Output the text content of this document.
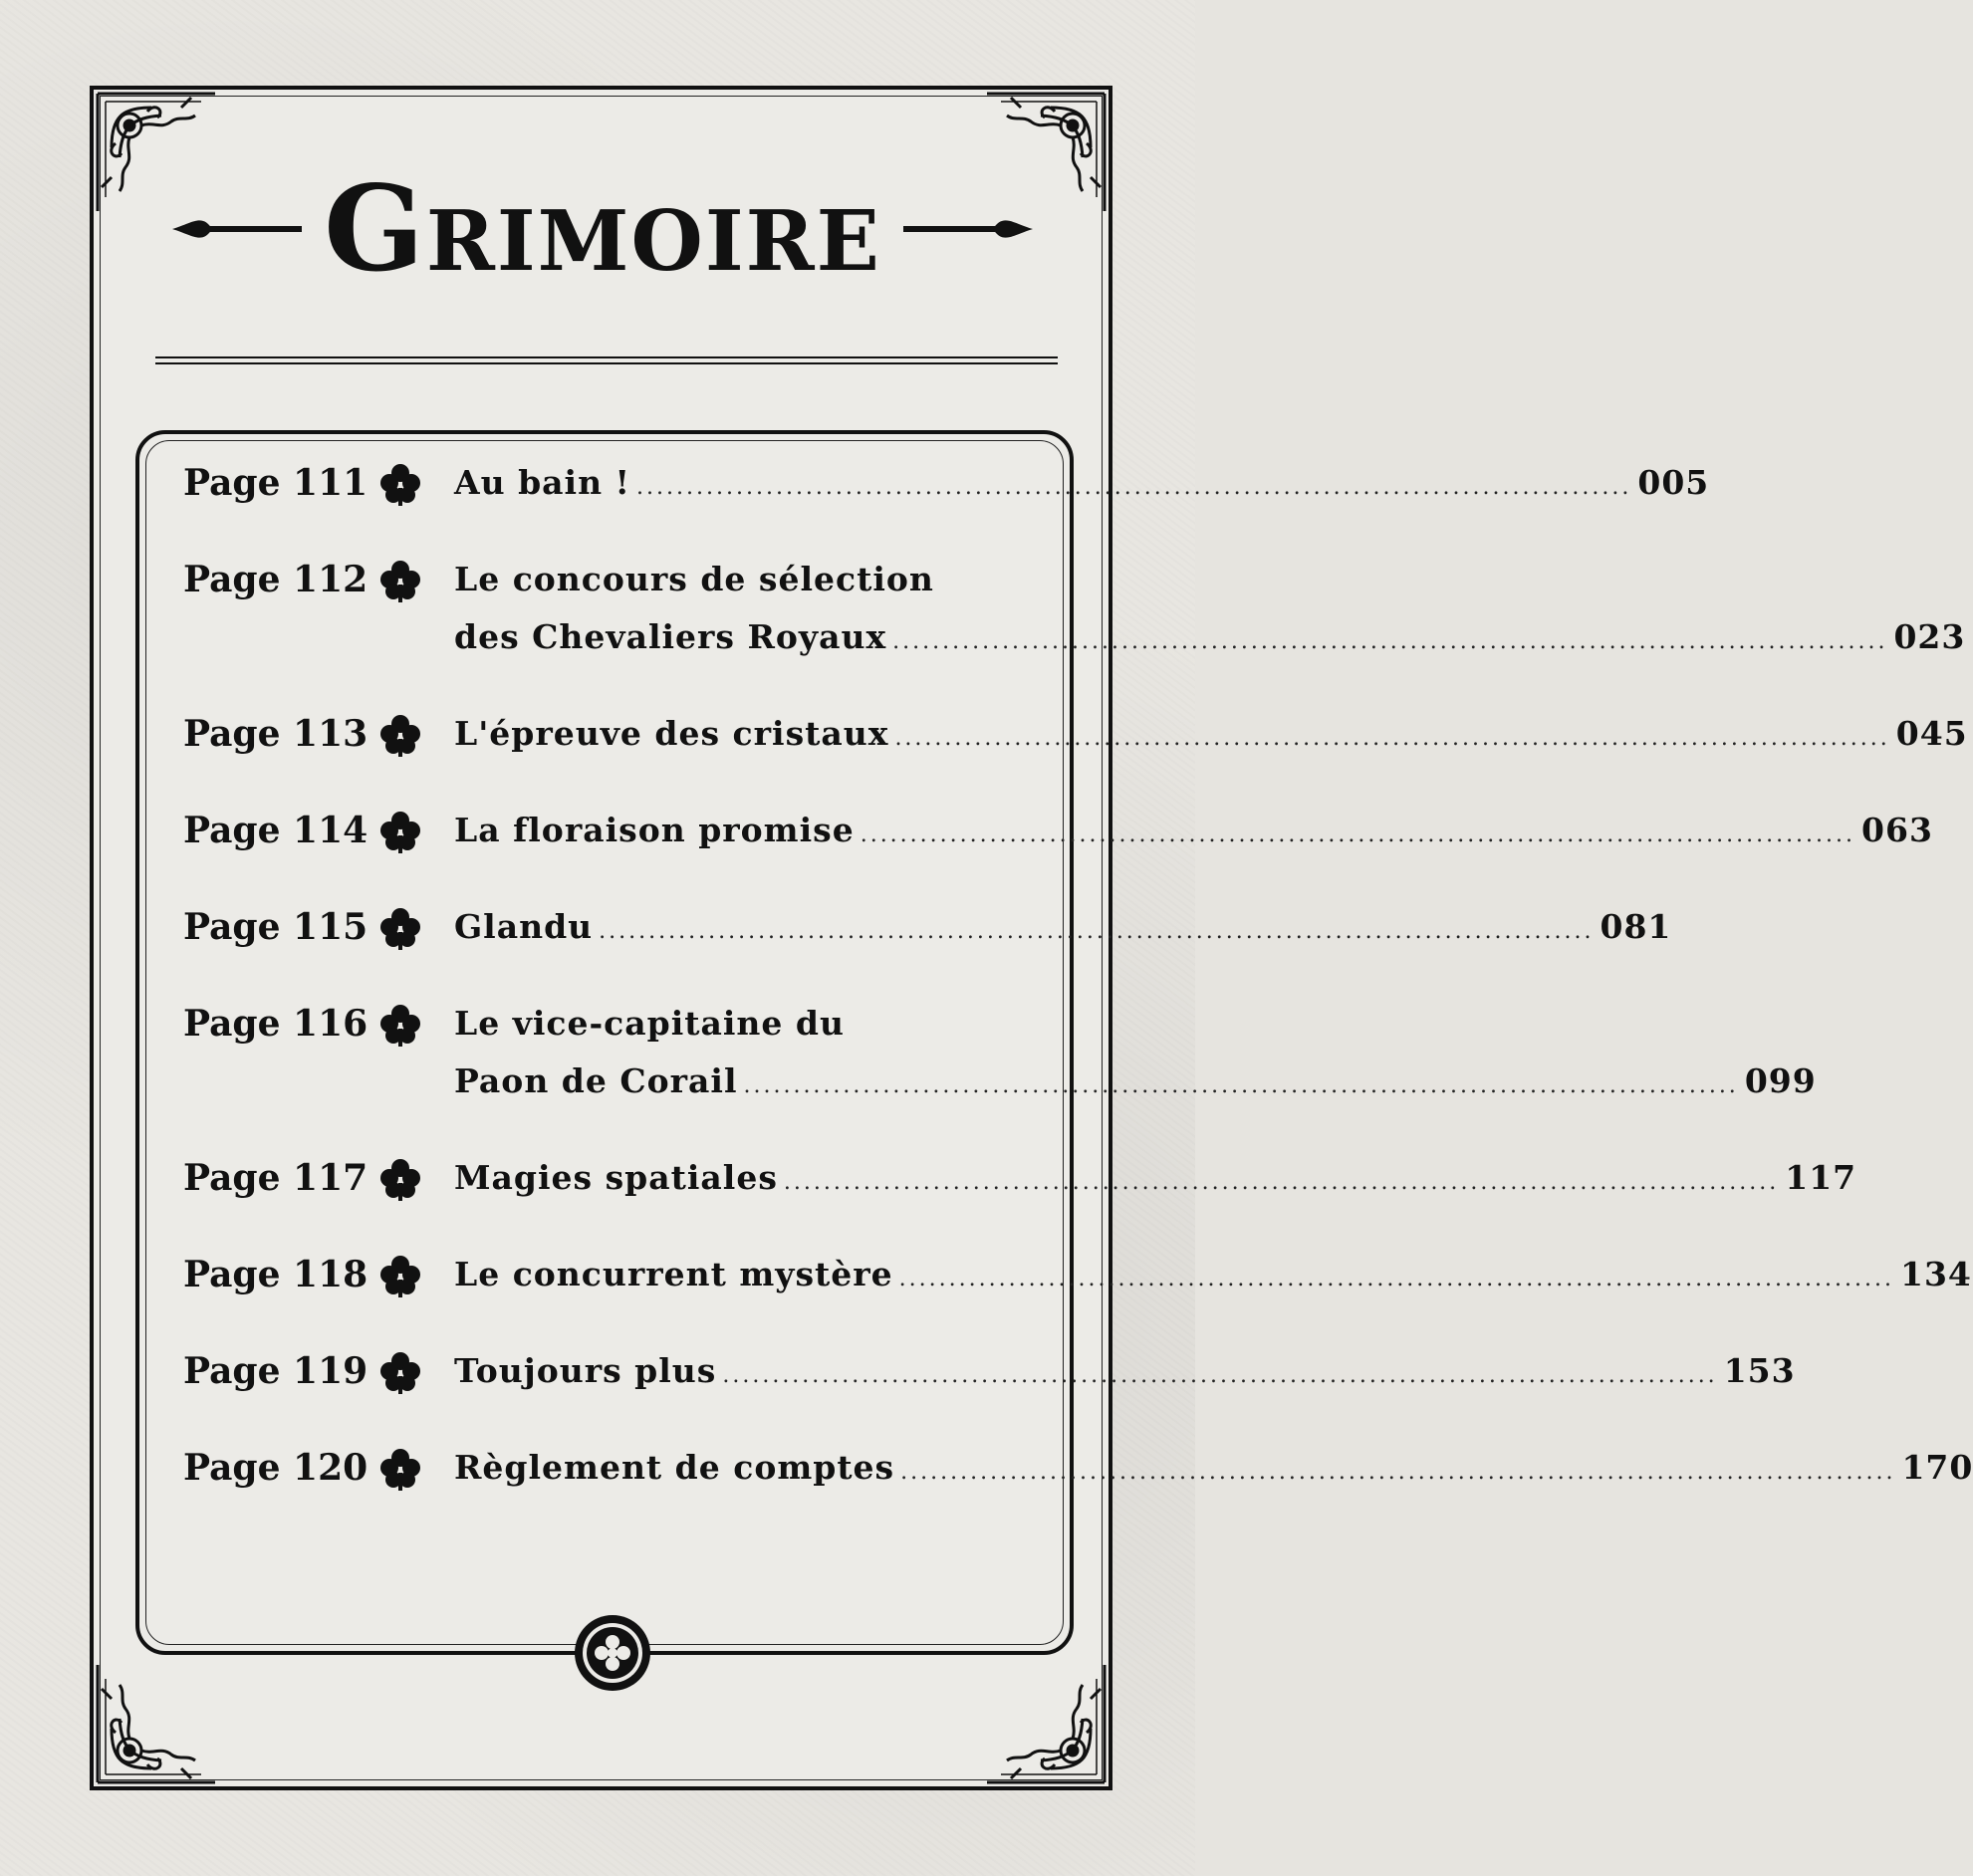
Grimoire
Page 111	Au bain ! .....	005
Page 112	Le concours de sélection
des Chevaliers Royaux .....	023
Page 113	L'épreuve des cristaux .....	045
Page 114	La floraison promise .....	063
Page 115	Glandu .....	081
Page 116	Le vice-capitaine du
Paon de Corail .....	099
Page 117	Magies spatiales .....	117
Page 118	Le concurrent mystère .....	134
Page 119	Toujours plus .....	153
Page 120	Règlement de comptes .....	170
